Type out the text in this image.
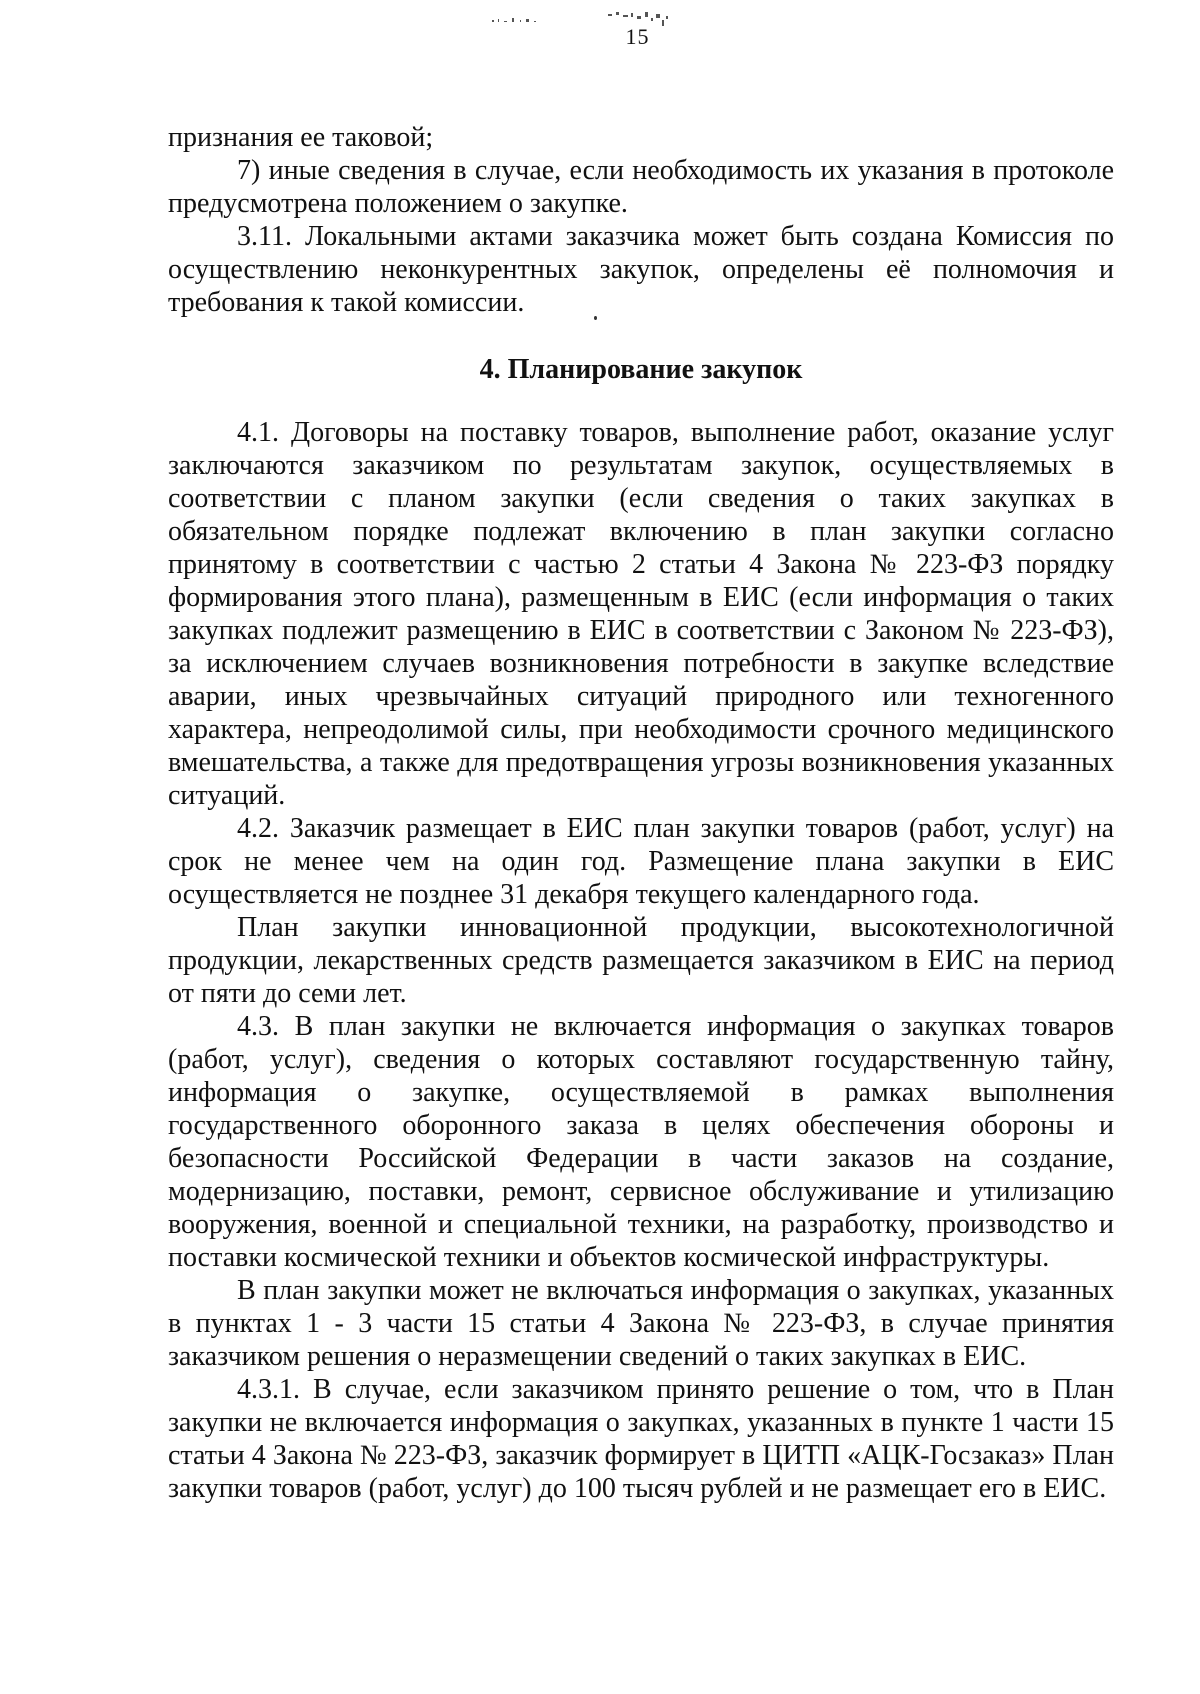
15

признания ее таковой;

7) иные сведения в случае, если необходимость их указания в протоколе предусмотрена положением о закупке.

3.11. Локальными актами заказчика может быть создана Комиссия по осуществлению неконкурентных закупок, определены её полномочия и требования к такой комиссии.

4. Планирование закупок

4.1. Договоры на поставку товаров, выполнение работ, оказание услуг заключаются заказчиком по результатам закупок, осуществляемых в соответствии с планом закупки (если сведения о таких закупках в обязательном порядке подлежат включению в план закупки согласно принятому в соответствии с частью 2 статьи 4 Закона № 223-ФЗ порядку формирования этого плана), размещенным в ЕИС (если информация о таких закупках подлежит размещению в ЕИС в соответствии с Законом № 223-ФЗ), за исключением случаев возникновения потребности в закупке вследствие аварии, иных чрезвычайных ситуаций природного или техногенного характера, непреодолимой силы, при необходимости срочного медицинского вмешательства, а также для предотвращения угрозы возникновения указанных ситуаций.

4.2. Заказчик размещает в ЕИС план закупки товаров (работ, услуг) на срок не менее чем на один год. Размещение плана закупки в ЕИС осуществляется не позднее 31 декабря текущего календарного года.

План закупки инновационной продукции, высокотехнологичной продукции, лекарственных средств размещается заказчиком в ЕИС на период от пяти до семи лет.

4.3. В план закупки не включается информация о закупках товаров (работ, услуг), сведения о которых составляют государственную тайну, информация о закупке, осуществляемой в рамках выполнения государственного оборонного заказа в целях обеспечения обороны и безопасности Российской Федерации в части заказов на создание, модернизацию, поставки, ремонт, сервисное обслуживание и утилизацию вооружения, военной и специальной техники, на разработку, производство и поставки космической техники и объектов космической инфраструктуры.

В план закупки может не включаться информация о закупках, указанных в пунктах 1 - 3 части 15 статьи 4 Закона № 223-ФЗ, в случае принятия заказчиком решения о неразмещении сведений о таких закупках в ЕИС.

4.3.1. В случае, если заказчиком принято решение о том, что в План закупки не включается информация о закупках, указанных в пункте 1 части 15 статьи 4 Закона № 223-ФЗ, заказчик формирует в ЦИТП «АЦК-Госзаказ» План закупки товаров (работ, услуг) до 100 тысяч рублей и не размещает его в ЕИС.
